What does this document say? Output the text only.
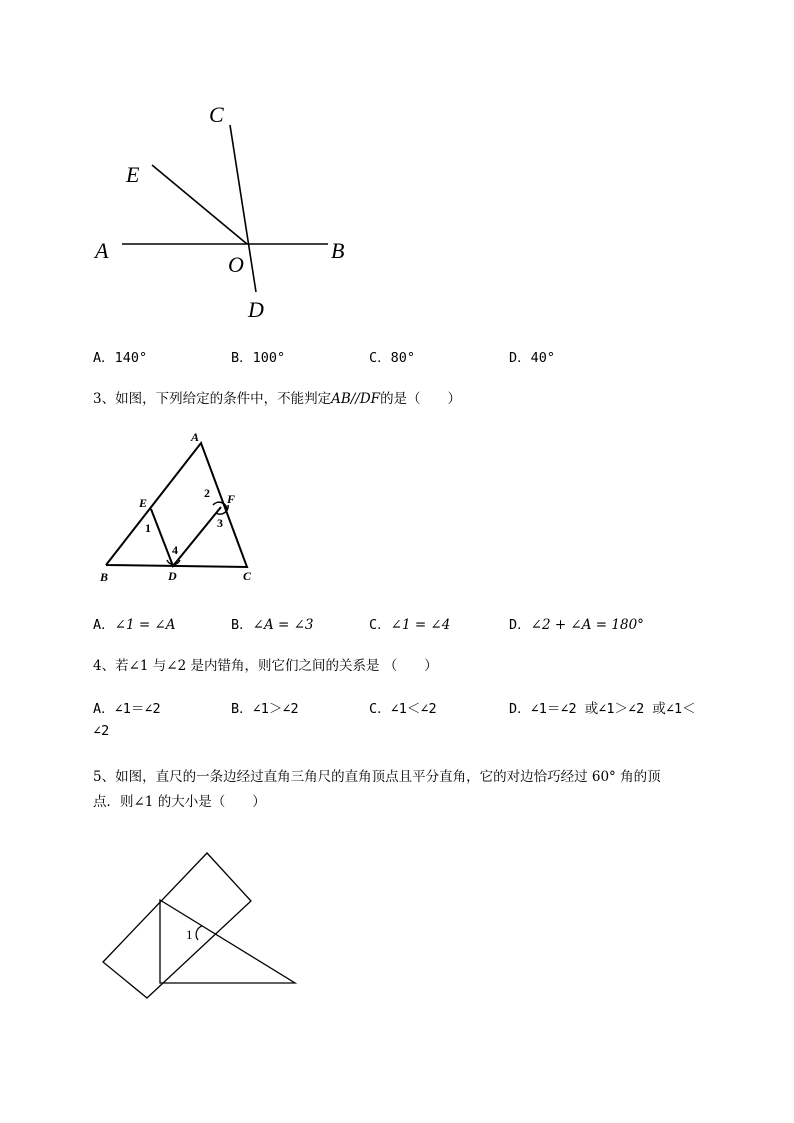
C
E
A	B
O
D
A．140°	B．100°	C．80°	D．40°
3、如图，下列给定的条件中，不能判定AB//DF的是（　　）
A
E	F
B	D	C
1
2
3
4
A．∠1 = ∠A	B．∠A = ∠3	C．∠1 = ∠4	D．∠2 + ∠A = 180°
4、若∠1 与∠2 是内错角，则它们之间的关系是 （　　）
A．∠1＝∠2	B．∠1＞∠2	C．∠1＜∠2	D．∠1＝∠2 或∠1＞∠2 或∠1＜
∠2
5、如图，直尺的一条边经过直角三角尺的直角顶点且平分直角，它的对边恰巧经过 60° 角的顶
点．则∠1 的大小是（　　）
1
